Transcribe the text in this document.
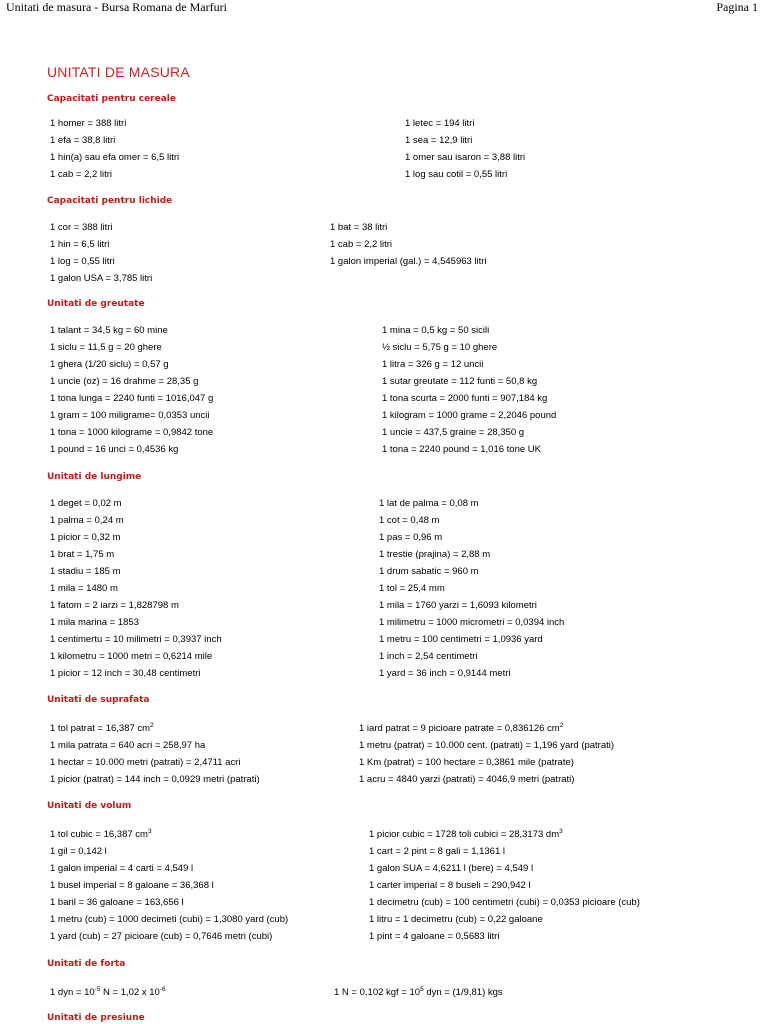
Unitati de masura - Bursa Romana de Marfuri	Pagina 1
UNITATI DE MASURA
Capacitati pentru cereale
1 homer = 388 litri
1 efa = 38,8 litri
1 hin(a) sau efa omer = 6,5 litri
1 cab = 2,2 litri
1 letec = 194 litri
1 sea = 12,9 litri
1 omer sau isaron = 3,88 litri
1 log sau cotil = 0,55 litri
Capacitati pentru lichide
1 cor = 388 litri
1 hin = 6,5 litri
1 log = 0,55 litri
1 galon USA = 3,785 litri
1 bat = 38 litri
1 cab = 2,2 litri
1 galon imperial (gal.) = 4,545963 litri
Unitati de greutate
1 talant = 34,5 kg = 60 mine
1 siclu = 11,5 g = 20 ghere
1 ghera (1/20 siclu) = 0,57 g
1 uncie (oz) = 16 drahme = 28,35 g
1 tona lunga = 2240 funti = 1016,047 g
1 gram = 100 miligrame= 0,0353 uncii
1 tona = 1000 kilograme = 0,9842 tone
1 pound = 16 unci = 0,4536 kg
1 mina = 0,5 kg = 50 sicili
½ siclu = 5,75 g = 10 ghere
1 litra = 326 g = 12 uncii
1 sutar greutate = 112 funti = 50,8 kg
1 tona scurta = 2000 funti = 907,184 kg
1 kilogram = 1000 grame = 2,2046 pound
1 uncie = 437,5 graine = 28,350 g
1 tona = 2240 pound = 1,016 tone UK
Unitati de lungime
1 deget = 0,02 m
1 palma = 0,24 m
1 picior = 0,32 m
1 brat = 1,75 m
1 stadiu = 185 m
1 mila = 1480 m
1 fatom = 2 iarzi = 1,828798 m
1 mila marina = 1853
1 centimertu = 10 milimetri = 0,3937 inch
1 kilometru = 1000 metri = 0,6214 mile
1 picior = 12 inch = 30,48 centimetri
1 lat de palma = 0,08 m
1 cot = 0,48 m
1 pas = 0,96 m
1 trestie (prajina) = 2,88 m
1 drum sabatic = 960 m
1 tol = 25,4 mm
1 mila = 1760 yarzi = 1,6093 kilometri
1 milimetru = 1000 micrometri = 0,0394 inch
1 metru = 100 centimetri = 1,0936 yard
1 inch = 2,54 centimetri
1 yard = 36 inch = 0,9144 metri
Unitati de suprafata
1 tol patrat = 16,387 $cm^2$
1 mila patrata = 640 acri = 258,97 ha
1 hectar = 10.000 metri (patrati) = 2,4711 acri
1 picior (patrat) = 144 inch = 0,0929 metri (patrati)
1 iard patrat = 9 picioare patrate = 0,836126 $cm^2$
1 metru (patrat) = 10.000 cent. (patrati) = 1,196 yard (patrati)
1 Km (patrat) = 100 hectare = 0,3861 mile (patrate)
1 acru = 4840 yarzi (patrati) = 4046,9 metri (patrati)
Unitati de volum
1 tol cubic = 16,387 $cm^3$
1 gil = 0,142 l
1 galon imperial = 4 carti = 4,549 l
1 busel imperial = 8 galoane = 36,368 l
1 baril = 36 galoane = 163,656 l
1 metru (cub) = 1000 decimeti (cubi) = 1,3080 yard (cub)
1 yard (cub) = 27 picioare (cub) = 0,7646 metri (cubi)
1 picior cubic = 1728 toli cubici = 28,3173 $dm^3$
1 cart = 2 pint = 8 gali = 1,1361 l
1 galon SUA = 4,6211 l (bere) = 4,549 l
1 carter imperial = 8 buseli = 290,942 l
1 decimetru (cub) = 100 centimetri (cubi) = 0,0353 picioare (cub)
1 litru = 1 decimetru (cub) = 0,22 galoane
1 pint = 4 galoane = 0,5683 litri
Unitati de forta
1 dyn = $10^{-5}$ N = 1,02 x $10^{-6}$	1 N = 0,102 kgf = $10^5$ dyn = (1/9,81) kgs
Unitati de presiune
